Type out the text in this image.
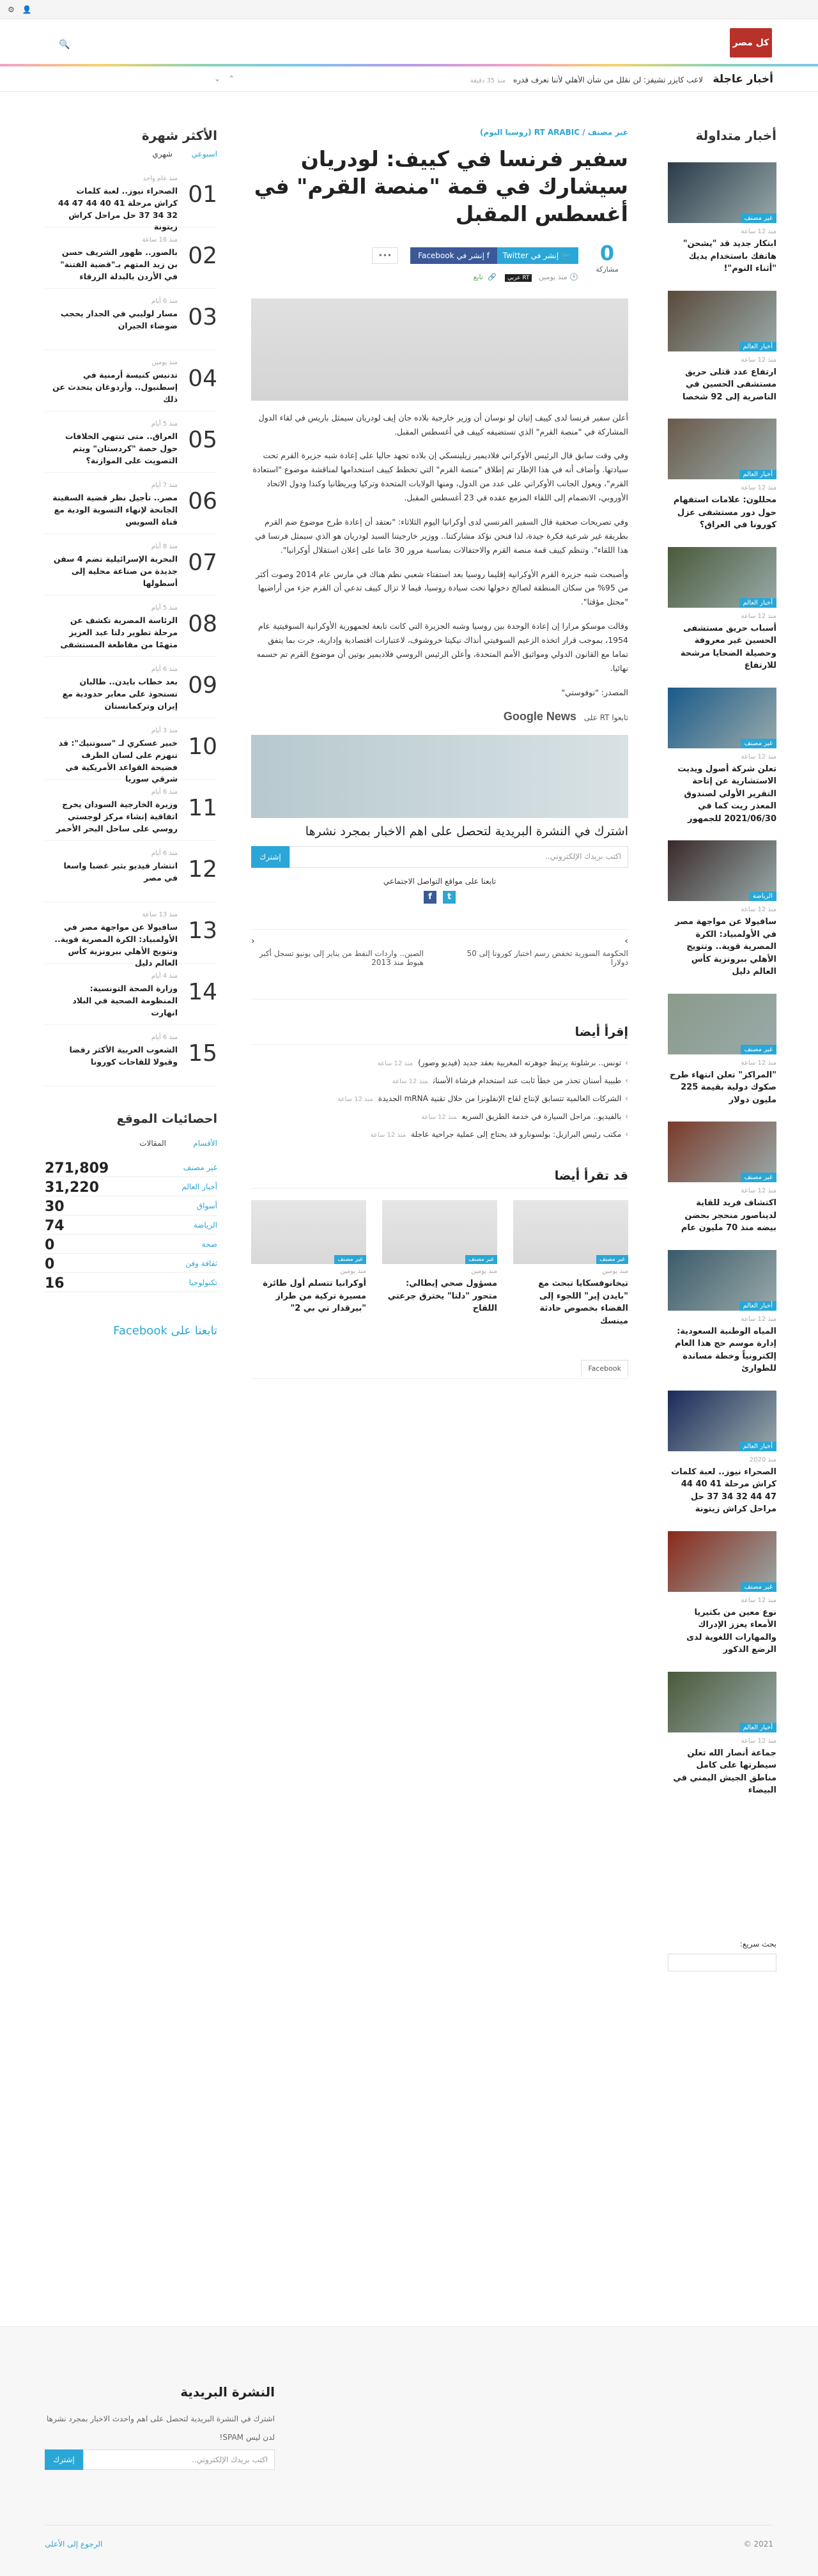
⚙ 👤
🔍	كل مصر
⌄⌃	لاعب كايزر تشيفز: لن نقلل من شأن الأهلي لأننا نعرف قدره منذ 35 دقيقة	أخبار عاجلة
أخبار متداولة
غير مصنف
منذ 12 ساعة
ابتكار جديد قد "يشحن" هاتفك باستخدام يديك "أثناء النوم"!
أخبار العالم
منذ 12 ساعة
ارتفاع عدد قتلى حريق مستشفى الحسين في الناصرية إلى 92 شخصا
أخبار العالم
منذ 12 ساعة
محللون: علامات استفهام حول دور مستشفى عزل كورونا في العراق؟
أخبار العالم
منذ 12 ساعة
أسباب حريق مستشفى الحسين غير معروفة وحصيلة الضحايا مرشحة للارتفاع
غير مصنف
منذ 12 ساعة
تعلن شركة أصول ويديت الاستشارية عن إتاحة التقرير الأولي لصندوق المعذر ريت كما في 2021/06/30 للجمهور
الرياضة
منذ 12 ساعة
سافيولا عن مواجهة مصر في الأولمبياد: الكرة المصرية قوية.. وتتويج الأهلي ببرونزية كأس العالم دليل
غير مصنف
منذ 12 ساعة
"المراكز" تعلن انتهاء طرح صكوك دولية بقيمة 225 مليون دولار
غير مصنف
منذ 12 ساعة
اكتشاف فريد للقاية لديناصور منحجر بحضن بيضه منذ 70 مليون عام
أخبار العالم
منذ 12 ساعة
المياه الوطنية السعودية: إدارة موسم حج هذا العام إلكترونياً وخطة مساندة للطوارئ
أخبار العالم
منذ 2020
الصحراء نيوز.. لعبة كلمات كراش مرحلة 41 40 44 47 44 32 34 37 حل مراحل كراش زيتونة
غير مصنف
منذ 12 ساعة
نوع معين من بكتيريا الأمعاء يعزز الإدراك والمهارات اللغوية لدى الرضع الذكور
أخبار العالم
منذ 12 ساعة
جماعة أنصار الله تعلن سيطرتها على كامل مناطق الجيش اليمني في البيضاء
بحث سريع:
غير مصنف / RT ARABIC (روسيا اليوم)
سفير فرنسا في كييف: لودريان سيشارك في قمة "منصة القرم" في أغسطس المقبل
0
مشاركة
🐦 إنشر في Twitter
f إنشر في Facebook
•••
🕑 منذ يومين   RT عربي 🔗  تابع

أعلن سفير فرنسا لدى كييف إتيان لو نوسان أن وزير خارجية بلاده جان إيف لودريان سيمثل باريس في لقاء الدول المشاركة في "منصة القرم" الذي تستضيفه كييف في أغسطس المقبل.

وفي وقت سابق قال الرئيس الأوكراني فلاديمير زيلينسكي إن بلاده تجهد حاليا على إعادة شبه جزيرة القرم تحت سيادتها. وأضاف أنه في هذا الإطار تم إطلاق "منصة القرم" التي تخطط كييف استخدامها لمناقشة موضوع "استعادة القرم"، ويعول الجانب الأوكراني على عدد من الدول، ومنها الولايات المتحدة وتركيا وبريطانيا وكندا ودول الاتحاد الأوروبي، الانضمام إلى اللقاء المزمع عقده في 23 أغسطس المقبل.

وفي تصريحات صحفية قال السفير الفرنسي لدى أوكرانيا اليوم الثلاثاء: "نعتقد أن إعادة طرح موضوع ضم القرم بطريقة غير شرعية فكرة جيدة، لذا فنحن نؤكد مشاركتنا.. ووزير خارجيتنا السيد لودريان هو الذي سيمثل فرنسا في هذا اللقاء". وتنظم كييف قمة منصة القرم والاحتفالات بمناسبة مرور 30 عاما على إعلان استقلال أوكرانيا".

وأصبحت شبه جزيرة القرم الأوكرانية إقليما روسيا بعد استفتاء شعبي نظم هناك في مارس عام 2014 وصوت أكثر من 95% من سكان المنطقة لصالح دخولها تحت سيادة روسيا، فيما لا تزال كييف تدعي أن القرم جزء من أراضيها "محتل مؤقتا".

وقالت موسكو مرارا إن إعادة الوحدة بين روسيا وشبه الجزيرة التي كانت تابعة لجمهورية الأوكرانية السوفيتية عام 1954، بموجب قرار اتخذه الزعيم السوفيتي أنذاك نيكيتا خروشوف، لاعتبارات اقتصادية وإدارية، جرت بما يتفق تماما مع القانون الدولي ومواثيق الأمم المتحدة، وأعلن الرئيس الروسي فلاديمير بوتين أن موضوع القرم تم حسمه نهائيا.

المصدر: "نوفوستي"

تابعوا RT على Google News
اشترك في النشرة البريدية لتحصل على اهم الاخبار بمجرد نشرها
اكتب بريدك الإلكتروني..
إشترك
تابعنا على مواقع التواصل الاجتماعي
f t
›
الحكومة السورية تخفض رسم اختبار كورونا إلى 50 دولارا
‹
الصين.. واردات النفط من يناير إلى يونيو تسجل أكبر هبوط منذ 2013
إقرأ أيضا
›تونس.. برشلونة يرتبط جوهرته المغربية بعقد جديد (فيديو وصور)منذ 12 ساعة
›طبيبة أسنان تحذر من خطأ ثابت عند استخدام فرشاة الأسنانمنذ 12 ساعة
›الشركات العالمية تتسابق لإنتاج لقاح الإنفلونزا من خلال تقنية mRNA الجديدةمنذ 12 ساعة
›بالفيديو.. مراحل السيارة في خدمة الطريق السريعمنذ 12 ساعة
›مكتب رئيس البرازيل: بولسونارو قد يحتاج إلى عملية جراحية عاجلةمنذ 12 ساعة
قد تقرأ أيضا
غير مصنف
منذ يومين
تيخانوفسكايا تبحث مع "بايدن إير" اللجوء إلى الفضاء بخصوص حادثة مينسك
غير مصنف
منذ يومين
مسؤول صحي إيطالي: متحور "دلتا" يخترق جرعتي اللقاح
غير مصنف
منذ يومين
أوكرانيا تتسلم أول طائرة مسيرة تركية من طراز "بيرقدار تي بي 2"
Facebook
الأكثر شهرة
اسبوعي
شهري
01
منذ عام واحد
الصحراء نيوز.. لعبة كلمات كراش مرحلة 41 40 44 47 44 32 34 37 حل مراحل كراش زيتونة
02
منذ 16 ساعة
بالصور.. ظهور الشريف حسن بن زيد المتهم بـ"قضية الفتنة" في الأردن بالبدلة الزرقاء
03
منذ 6 أيام
مسار لوليبي في الجدار يحجب ضوضاء الجيران
04
منذ يومين
تدنيس كنيسة أرمنية في إسطنبول.. وأردوغان يتحدث عن ذلك
05
منذ 5 أيام
العراق.. متى تنتهي الخلافات حول حصة "كردستان" ويتم التصويت على الموازنة؟
06
منذ 7 أيام
مصر.. تأجيل نظر قضية السفينة الجانحة لإنهاء التسوية الودية مع قناة السويس
07
منذ 8 أيام
البحرية الإسرائيلية تضم 4 سفن جديدة من صناعة محلية إلى أسطولها
08
منذ 5 أيام
الرئاسة المصرية تكشف عن مرحلة تطوير دلتا عبد العزيز متهمًا من مقاطعة المستشفى
09
منذ 6 أيام
بعد خطاب بايدن.. طالبان تستحوذ على معابر حدودية مع إيران وتركمانستان
10
منذ 3 أيام
خبير عسكري لـ "سبوتنيك": قد تنهزم على لسان الطرف فضيحة القواعد الأمريكية في شرقي سوريا
11
منذ 6 أيام
وزيرة الخارجية السودان يخرج اتفاقية إنشاء مركز لوجستي روسي على ساحل البحر الأحمر
12
منذ 6 أيام
انتشار فيديو يثير غضبا واسعا في مصر
13
منذ 13 ساعة
سافيولا عن مواجهة مصر في الأولمبياد: الكرة المصرية قوية.. وتتويج الأهلي ببرونزية كأس العالم دليل
14
منذ 4 أيام
وزارة الصحة التونسية: المنظومة الصحية في البلاد انهارت
15
منذ 6 أيام
الشعوب العربية الأكثر رفضا وقبولا للقاحات كورونا
احصائيات الموقع
الأقسام
المقالات
غير مصنف
271,809
أخبار العالم
31,220
أسواق
30
الرياضة
74
صحة
0
ثقافة وفن
0
تكنولوجيا
16
تابعنا على Facebook
النشرة البريدية
اشترك في النشرة البريدية لتحصل على اهم واحدث الاخبار بمجرد نشرها
لدن ليس SPAM!
اكتب بريدك الإلكتروني..
إشترك
الرجوع إلى الأعلى	© 2021
